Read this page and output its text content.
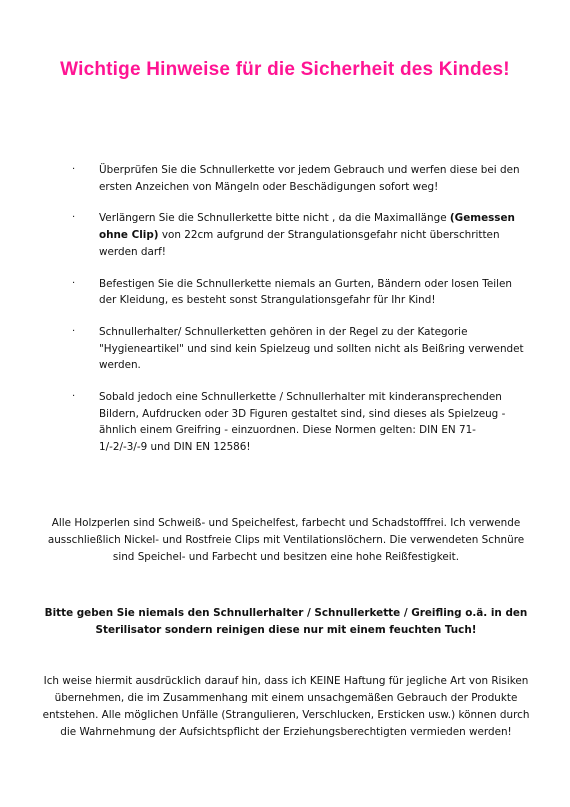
Wichtige Hinweise für die Sicherheit des Kindes!
· Überprüfen Sie die Schnullerkette vor jedem Gebrauch und werfen diese bei den ersten Anzeichen von Mängeln oder Beschädigungen sofort weg!
· Verlängern Sie die Schnullerkette bitte nicht , da die Maximallänge (Gemessen ohne Clip) von 22cm aufgrund der Strangulationsgefahr nicht überschritten werden darf!
· Befestigen Sie die Schnullerkette niemals an Gurten, Bändern oder losen Teilen der Kleidung, es besteht sonst Strangulationsgefahr für Ihr Kind!
· Schnullerhalter/ Schnullerketten gehören in der Regel zu der Kategorie "Hygieneartikel" und sind kein Spielzeug und sollten nicht als Beißring verwendet werden.
· Sobald jedoch eine Schnullerkette / Schnullerhalter mit kinderansprechenden Bildern, Aufdrucken oder 3D Figuren gestaltet sind, sind dieses als Spielzeug - ähnlich einem Greifring - einzuordnen. Diese Normen gelten: DIN EN 71-1/-2/-3/-9 und DIN EN 12586!

Alle Holzperlen sind Schweiß- und Speichelfest, farbecht und Schadstofffrei. Ich verwende ausschließlich Nickel- und Rostfreie Clips mit Ventilationslöchern. Die verwendeten Schnüre sind Speichel- und Farbecht und besitzen eine hohe Reißfestigkeit.

Bitte geben Sie niemals den Schnullerhalter / Schnullerkette / Greifling o.ä. in den Sterilisator sondern reinigen diese nur mit einem feuchten Tuch!

Ich weise hiermit ausdrücklich darauf hin, dass ich KEINE Haftung für jegliche Art von Risiken übernehmen, die im Zusammenhang mit einem unsachgemäßen Gebrauch der Produkte entstehen. Alle möglichen Unfälle (Strangulieren, Verschlucken, Ersticken usw.) können durch die Wahrnehmung der Aufsichtspflicht der Erziehungsberechtigten vermieden werden!
